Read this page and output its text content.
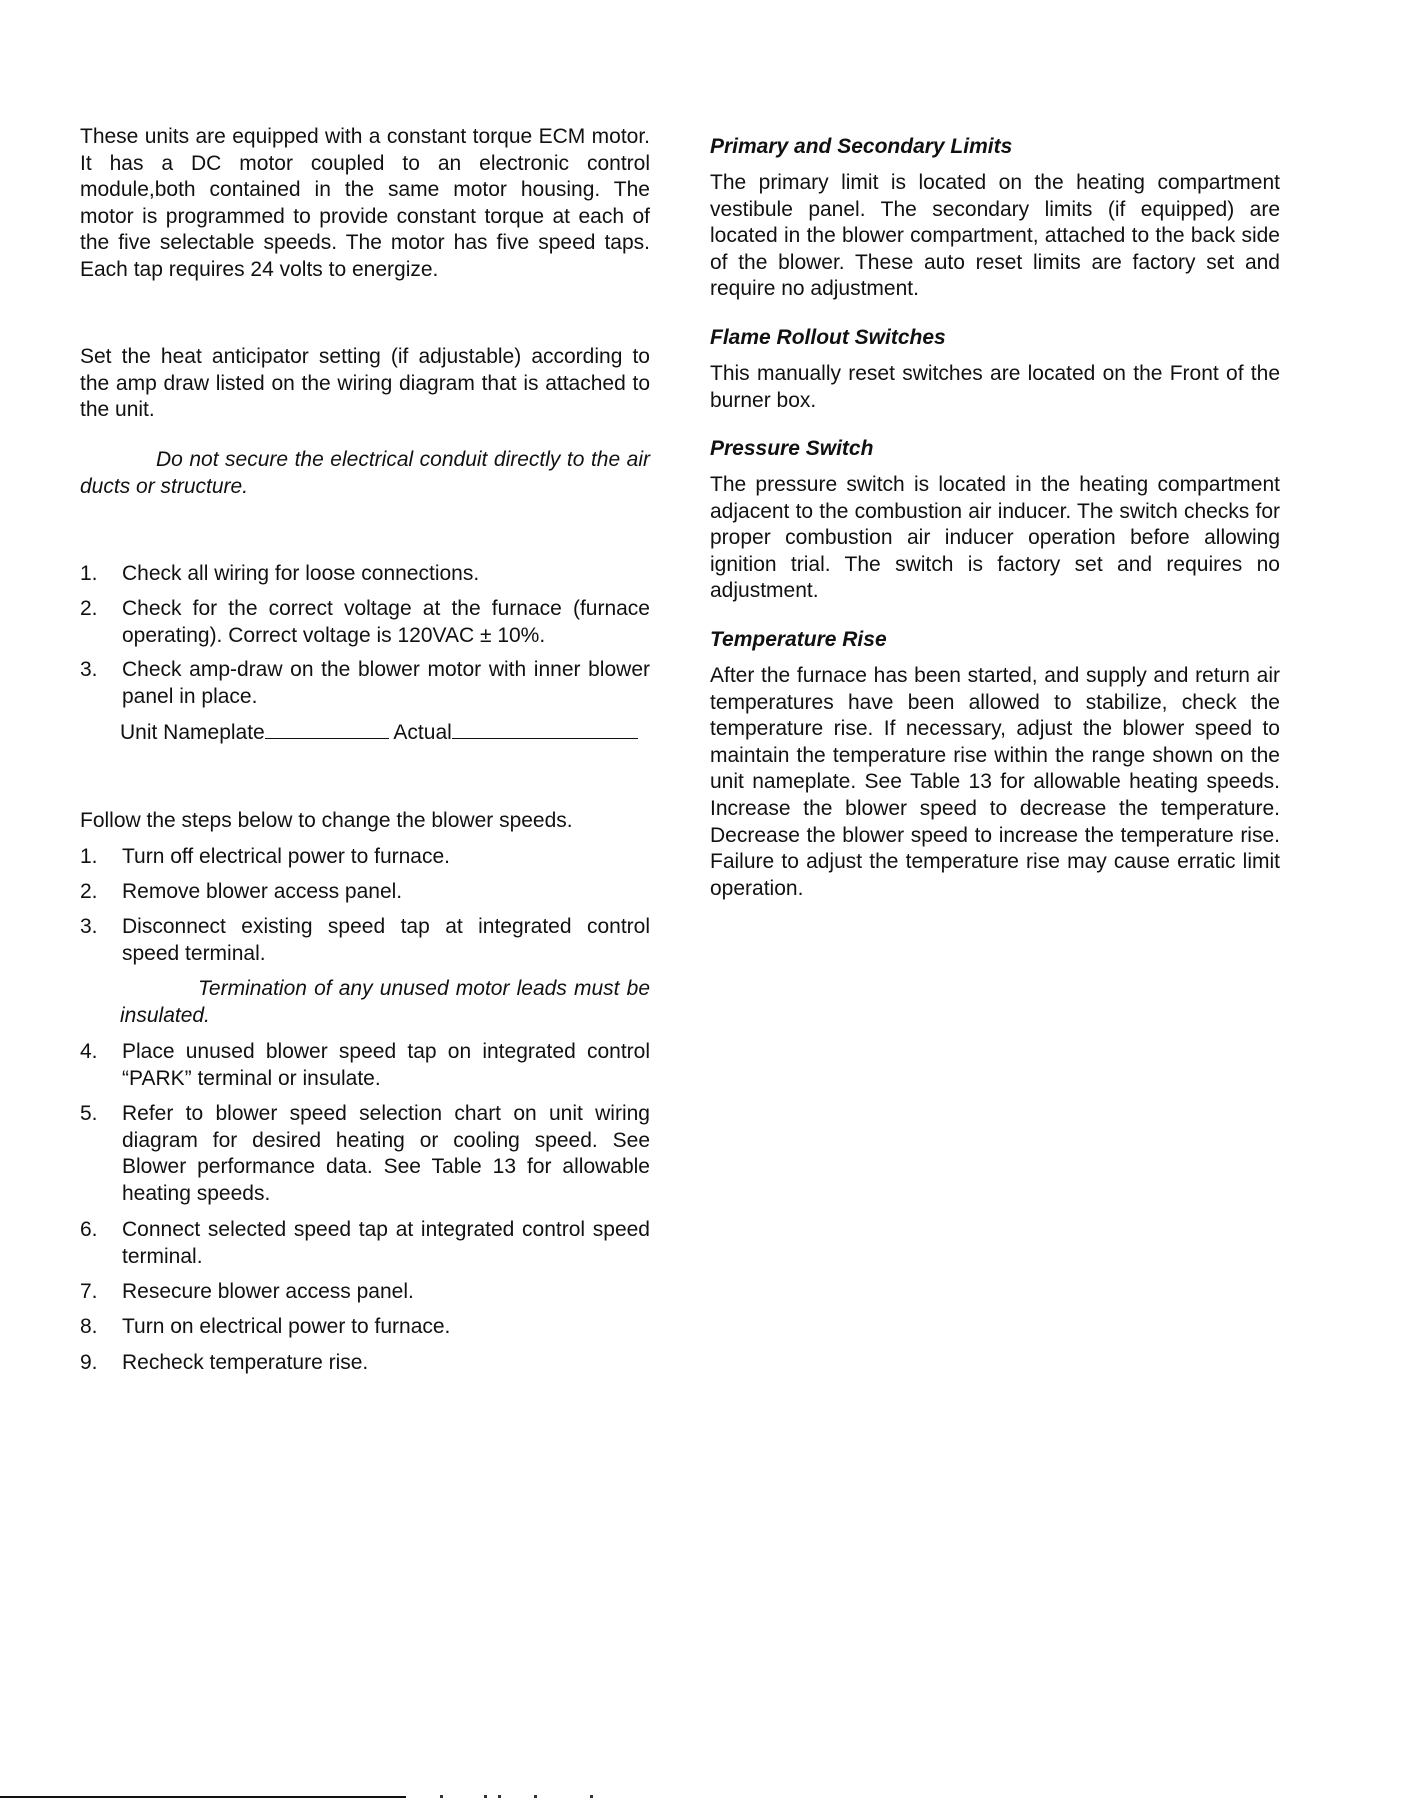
These units are equipped with a constant torque ECM motor. It has a DC motor coupled to an electronic control module,both contained in the same motor housing. The motor is programmed to provide constant torque at each of the five selectable speeds. The motor has five speed taps. Each tap requires 24 volts to energize.

Set the heat anticipator setting (if adjustable) according to the amp draw listed on the wiring diagram that is attached to the unit.

Do not secure the electrical conduit directly to the air ducts or structure.

1.	Check all wiring for loose connections.
2.	Check for the correct voltage at the furnace (furnace operating). Correct voltage is 120VAC ± 10%.
3.	Check amp-draw on the blower motor with inner blower panel in place.
Unit Nameplate	Actual

Follow the steps below to change the blower speeds.

1.	Turn off electrical power to furnace.
2.	Remove blower access panel.
3.	Disconnect existing speed tap at integrated control speed terminal.

Termination of any unused motor leads must be insulated.

4.	Place unused blower speed tap on integrated control “PARK” terminal or insulate.
5.	Refer to blower speed selection chart on unit wiring diagram for desired heating or cooling speed. See Blower performance data. See Table 13 for allowable heating speeds.
6.	Connect selected speed tap at integrated control speed terminal.
7.	Resecure blower access panel.
8.	Turn on electrical power to furnace.
9.	Recheck temperature rise.
Primary and Secondary Limits

The primary limit is located on the heating compartment vestibule panel. The secondary limits (if equipped) are located in the blower compartment, attached to the back side of the blower. These auto reset limits are factory set and require no adjustment.

Flame Rollout Switches

This manually reset switches are located on the Front of the burner box.

Pressure Switch

The pressure switch is located in the heating compartment adjacent to the combustion air inducer. The switch checks for proper combustion air inducer operation before allowing ignition trial. The switch is factory set and requires no adjustment.

Temperature Rise

After the furnace has been started, and supply and return air temperatures have been allowed to stabilize, check the temperature rise. If necessary, adjust the blower speed to maintain the temperature rise within the range shown on the unit nameplate. See Table 13 for allowable heating speeds. Increase the blower speed to decrease the temperature. Decrease the blower speed to increase the temperature rise. Failure to adjust the temperature rise may cause erratic limit operation.
